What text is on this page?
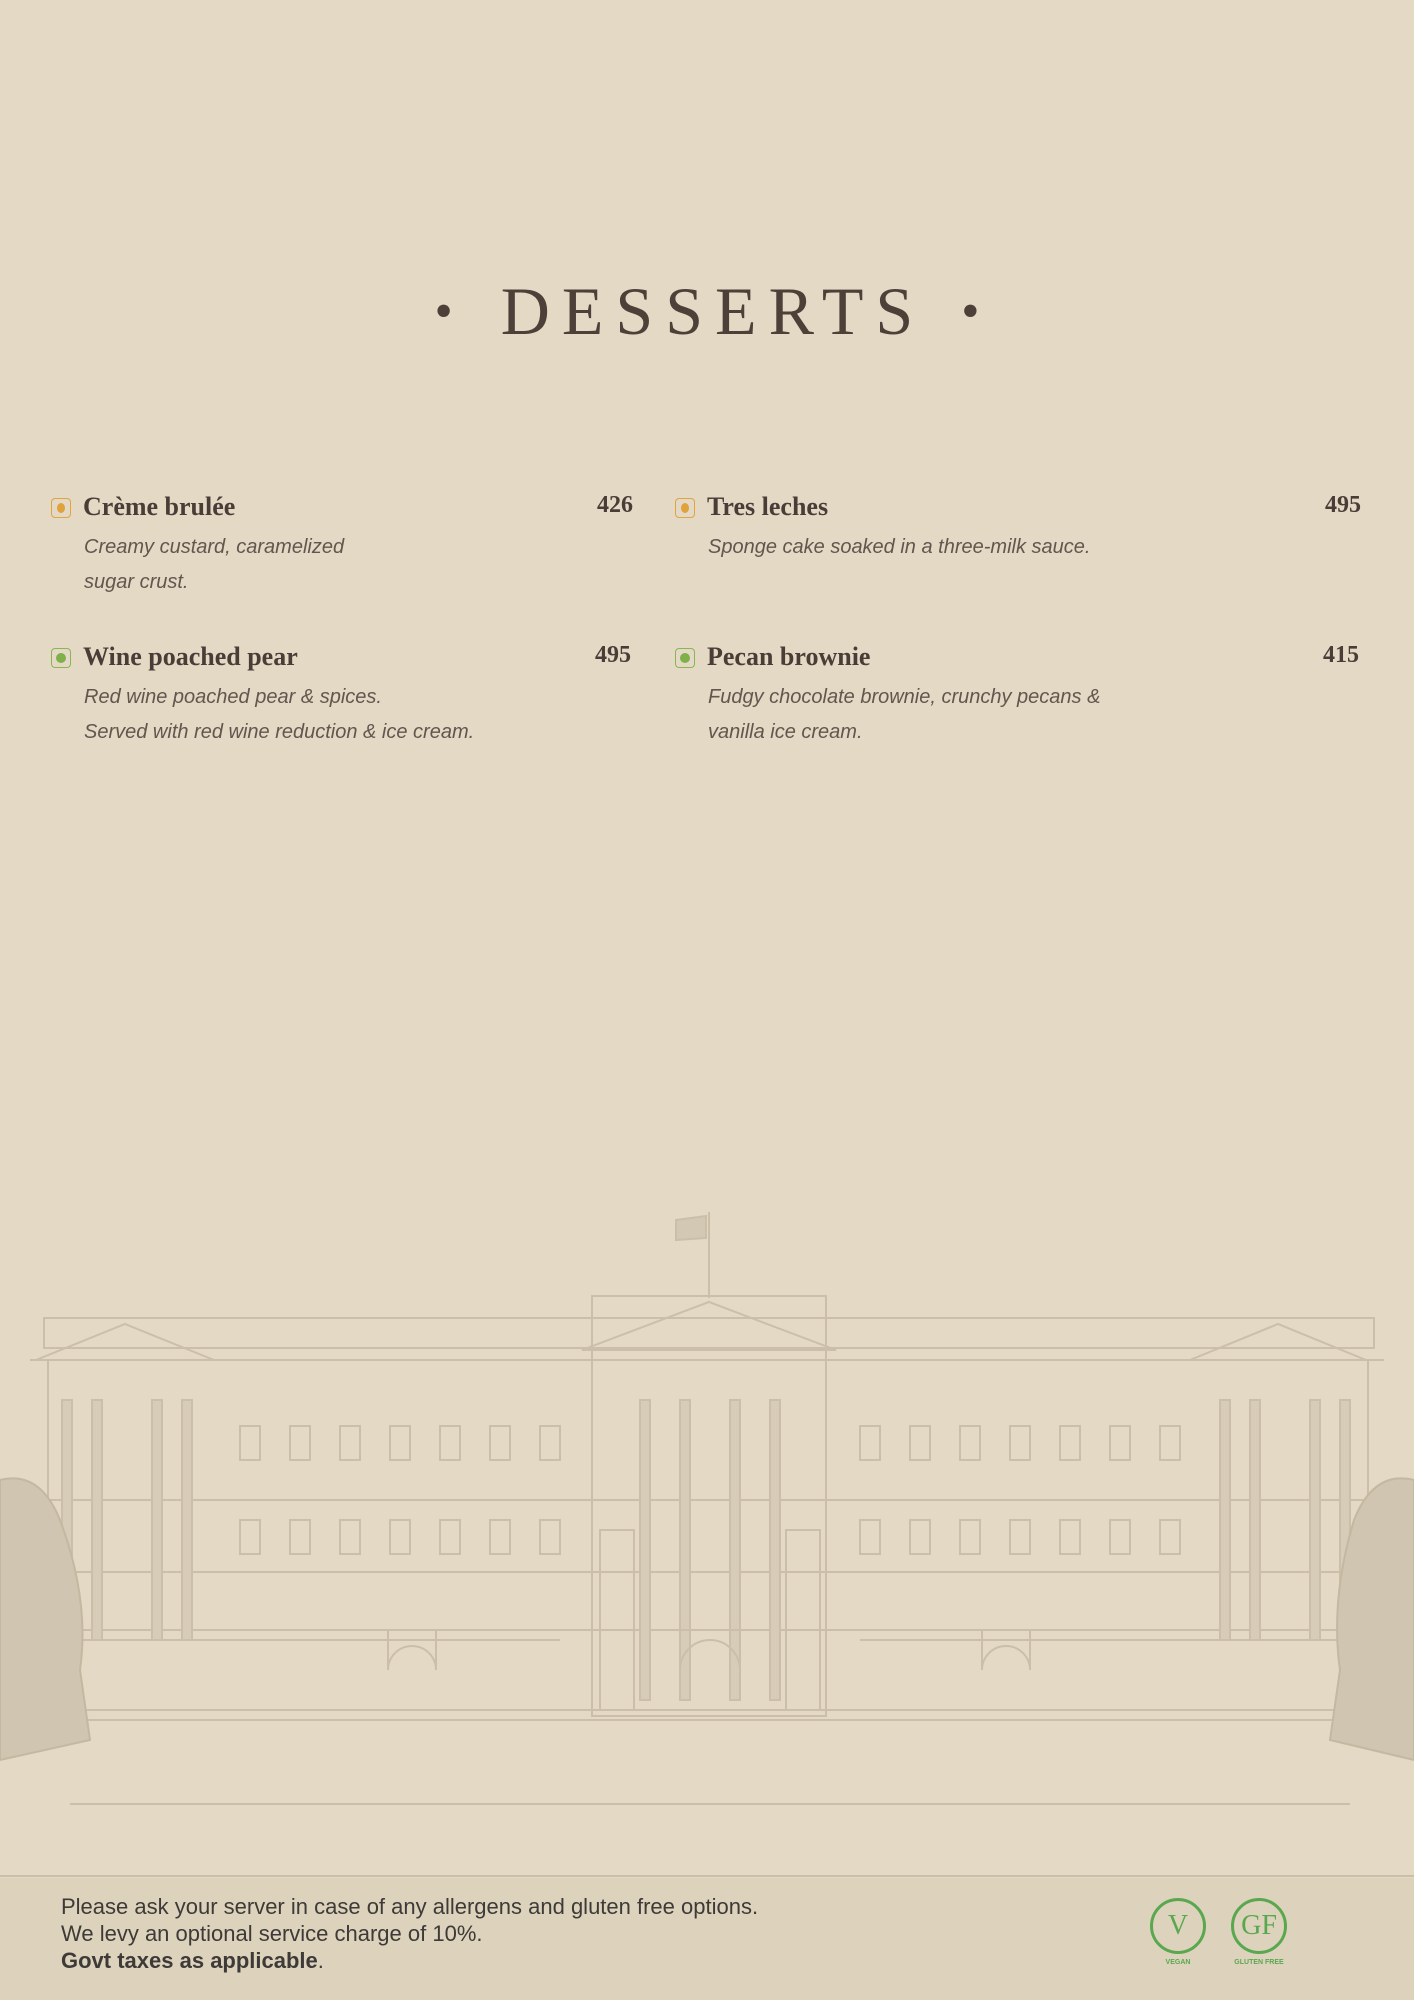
• DESSERTS •
Crème brulée	426
Creamy custard, caramelized
sugar crust.
Tres leches	495
Sponge cake soaked in a three-milk sauce.
Wine poached pear	495
Red wine poached pear & spices.
Served with red wine reduction & ice cream.
Pecan brownie	415
Fudgy chocolate brownie, crunchy pecans &
vanilla ice cream.
Please ask your server in case of any allergens and gluten free options.
We levy an optional service charge of 10%.
Govt taxes as applicable.
V
VEGAN
GF
GLUTEN FREE
